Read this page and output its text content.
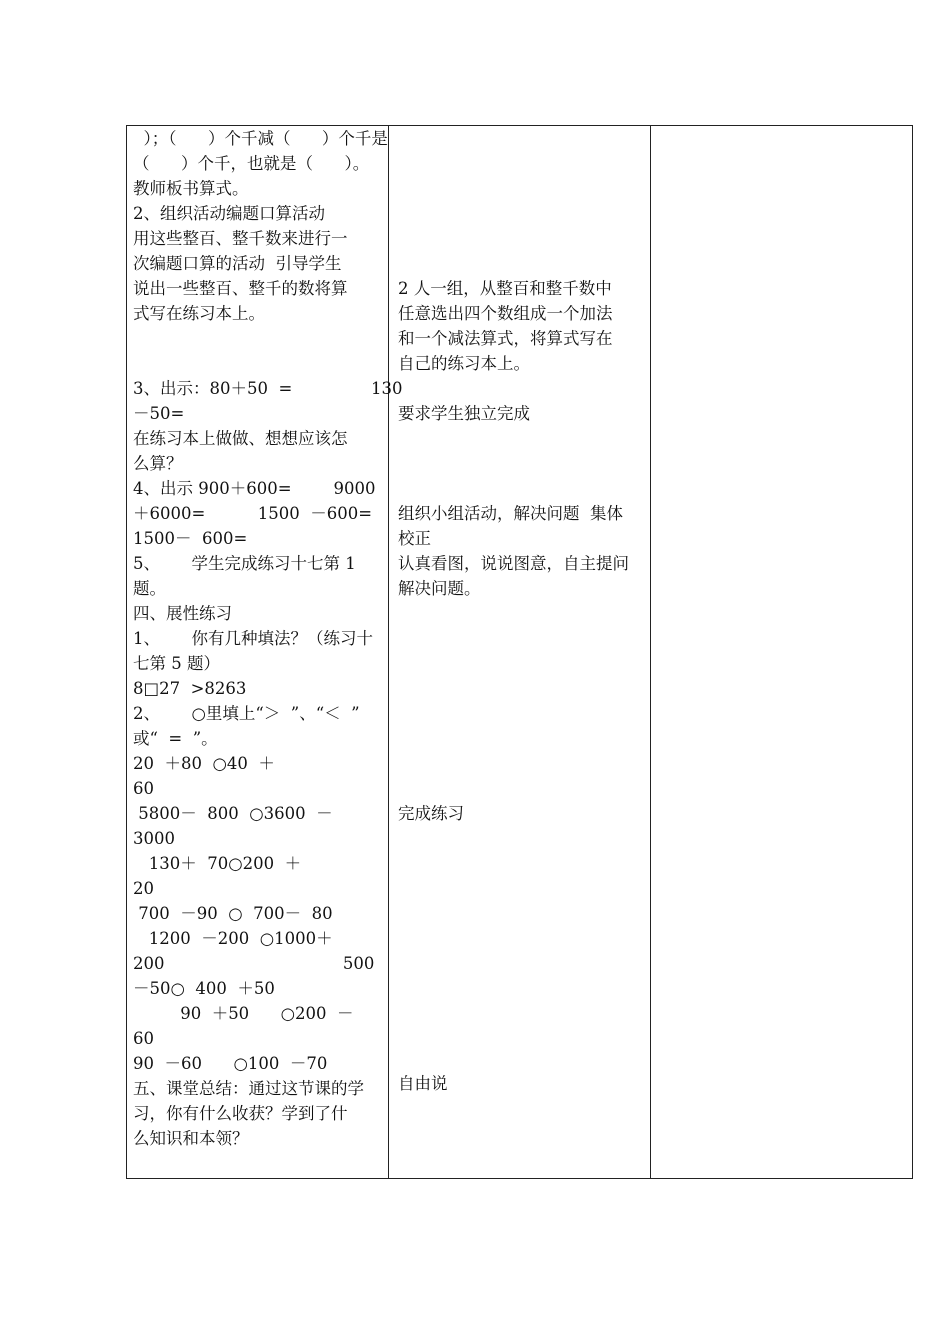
）；（      ）个千减（      ）个千是
（      ）个千，也就是（      ）。
教师板书算式。
2、组织活动编题口算活动
用这些整百、整千数来进行一
次编题口算的活动  引导学生
说出一些整百、整千的数将算
式写在练习本上。
3、出示：80＋50  =               130
－50=
在练习本上做做、想想应该怎
么算？
4、出示 900＋600=        9000
＋6000=          1500  －600=
1500－  600=
5、      学生完成练习十七第 1
题。
四、展性练习
1、      你有几种填法？（练习十
七第 5 题）
8□27  >8263
2、      ○里填上“＞  ”、“＜  ”
或“  =  ”。
20  ＋80  ○40  ＋
60
5800－  800  ○3600  －
3000
130＋  70○200  ＋
20
700  －90  ○  700－  80
1200  －200  ○1000＋
200                                  500
－50○  400  ＋50
90  ＋50      ○200  －
60
90  －60      ○100  －70
五、课堂总结：通过这节课的学
习，你有什么收获？学到了什
么知识和本领？
2 人一组，从整百和整千数中
任意选出四个数组成一个加法
和一个减法算式，将算式写在
自己的练习本上。
要求学生独立完成
组织小组活动，解决问题  集体
校正
认真看图，说说图意，自主提问
解决问题。
完成练习
自由说
